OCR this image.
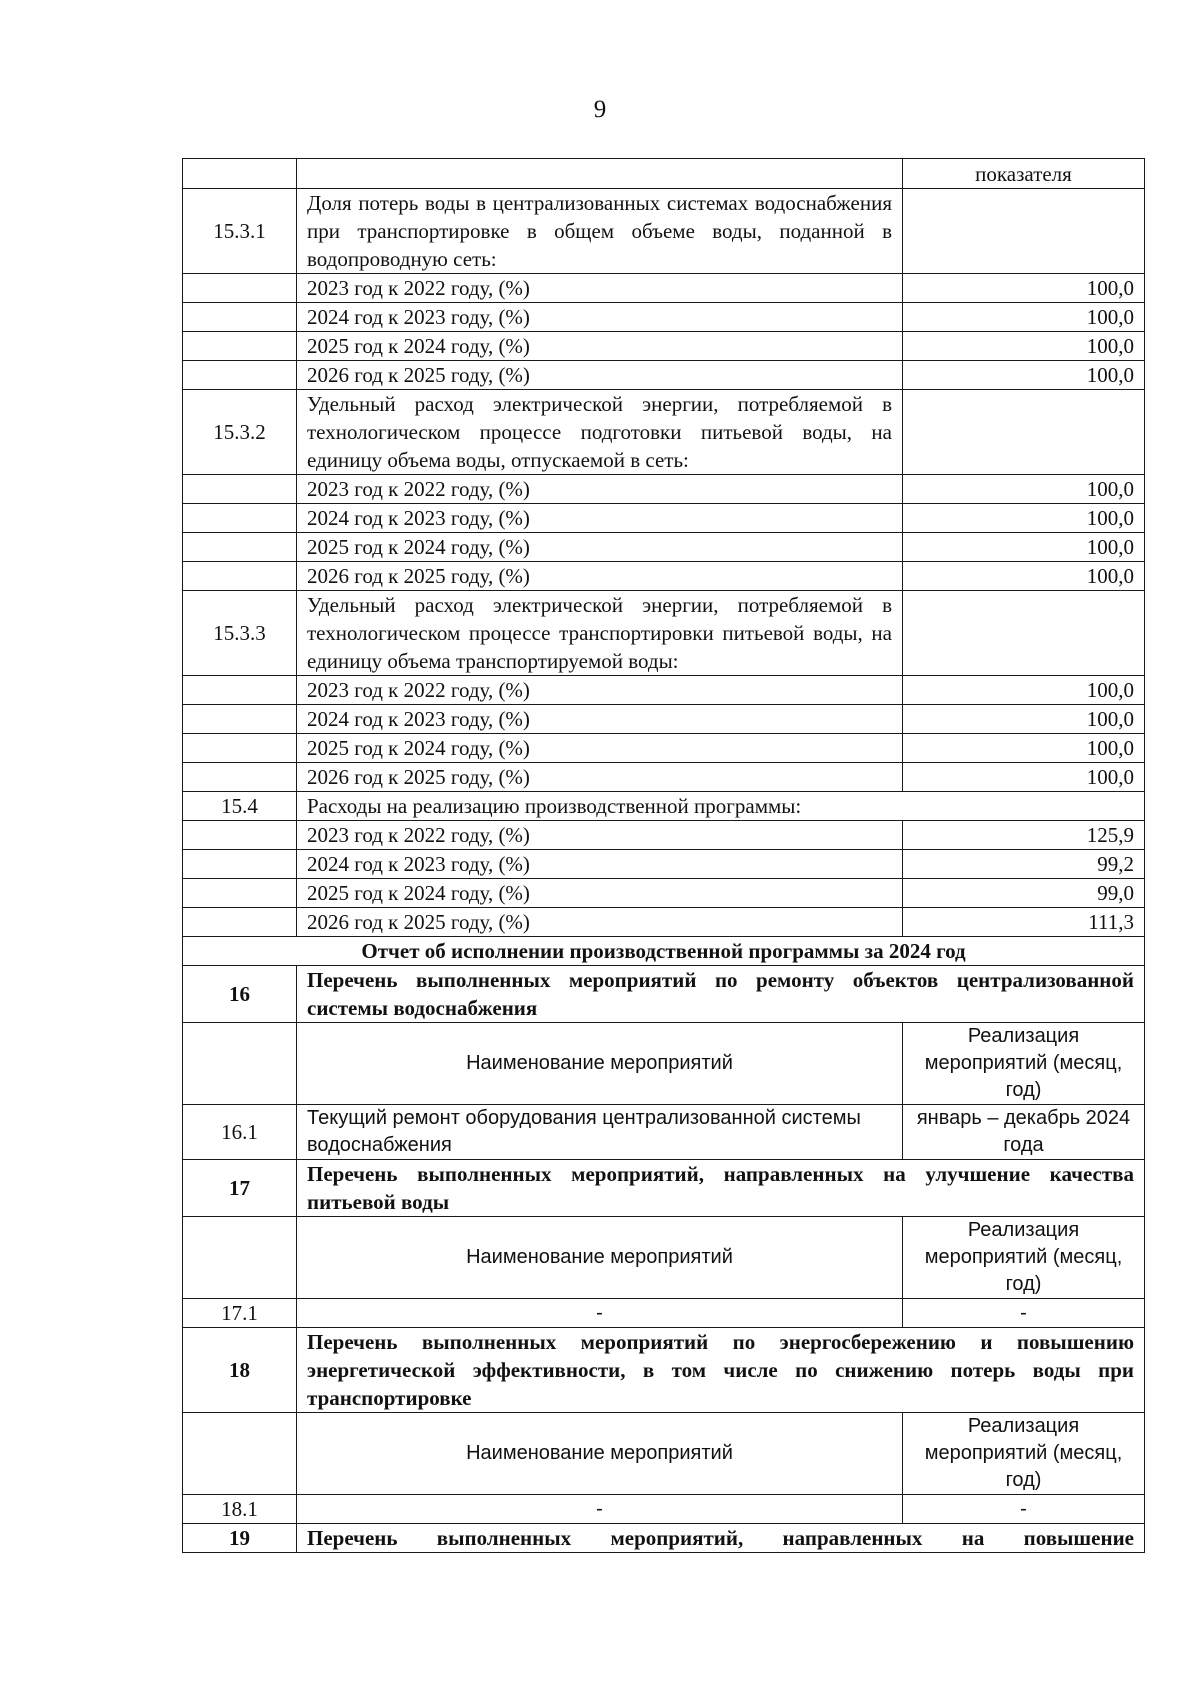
9
		показателя
15.3.1	Доля потерь воды в централизованных системах водоснабжения при транспортировке в общем объеме воды, поданной в водопроводную сеть:	
	2023 год к 2022 году, (%)	100,0
	2024 год к 2023 году, (%)	100,0
	2025 год к 2024 году, (%)	100,0
	2026 год к 2025 году, (%)	100,0
15.3.2	Удельный расход электрической энергии, потребляемой в технологическом процессе подготовки питьевой воды, на единицу объема воды, отпускаемой в сеть:	
	2023 год к 2022 году, (%)	100,0
	2024 год к 2023 году, (%)	100,0
	2025 год к 2024 году, (%)	100,0
	2026 год к 2025 году, (%)	100,0
15.3.3	Удельный расход электрической энергии, потребляемой в технологическом процессе транспортировки питьевой воды, на единицу объема транспортируемой воды:	
	2023 год к 2022 году, (%)	100,0
	2024 год к 2023 году, (%)	100,0
	2025 год к 2024 году, (%)	100,0
	2026 год к 2025 году, (%)	100,0
15.4	Расходы на реализацию производственной программы:	
	2023 год к 2022 году, (%)	125,9
	2024 год к 2023 году, (%)	99,2
	2025 год к 2024 году, (%)	99,0
	2026 год к 2025 году, (%)	111,3
Отчет об исполнении производственной программы за 2024 год		
16	Перечень выполненных мероприятий по ремонту объектов централизованной системы водоснабжения	
	Наименование мероприятий	Реализация мероприятий (месяц, год)
16.1	Текущий ремонт оборудования централизованной системы водоснабжения	январь – декабрь 2024 года
17	Перечень выполненных мероприятий, направленных на улучшение качества питьевой воды	
	Наименование мероприятий	Реализация мероприятий (месяц, год)
17.1	-	-
18	Перечень выполненных мероприятий по энергосбережению и повышению энергетической эффективности, в том числе по снижению потерь воды при транспортировке	
	Наименование мероприятий	Реализация мероприятий (месяц, год)
18.1	-	-
19	Перечень выполненных мероприятий, направленных на повышение	
